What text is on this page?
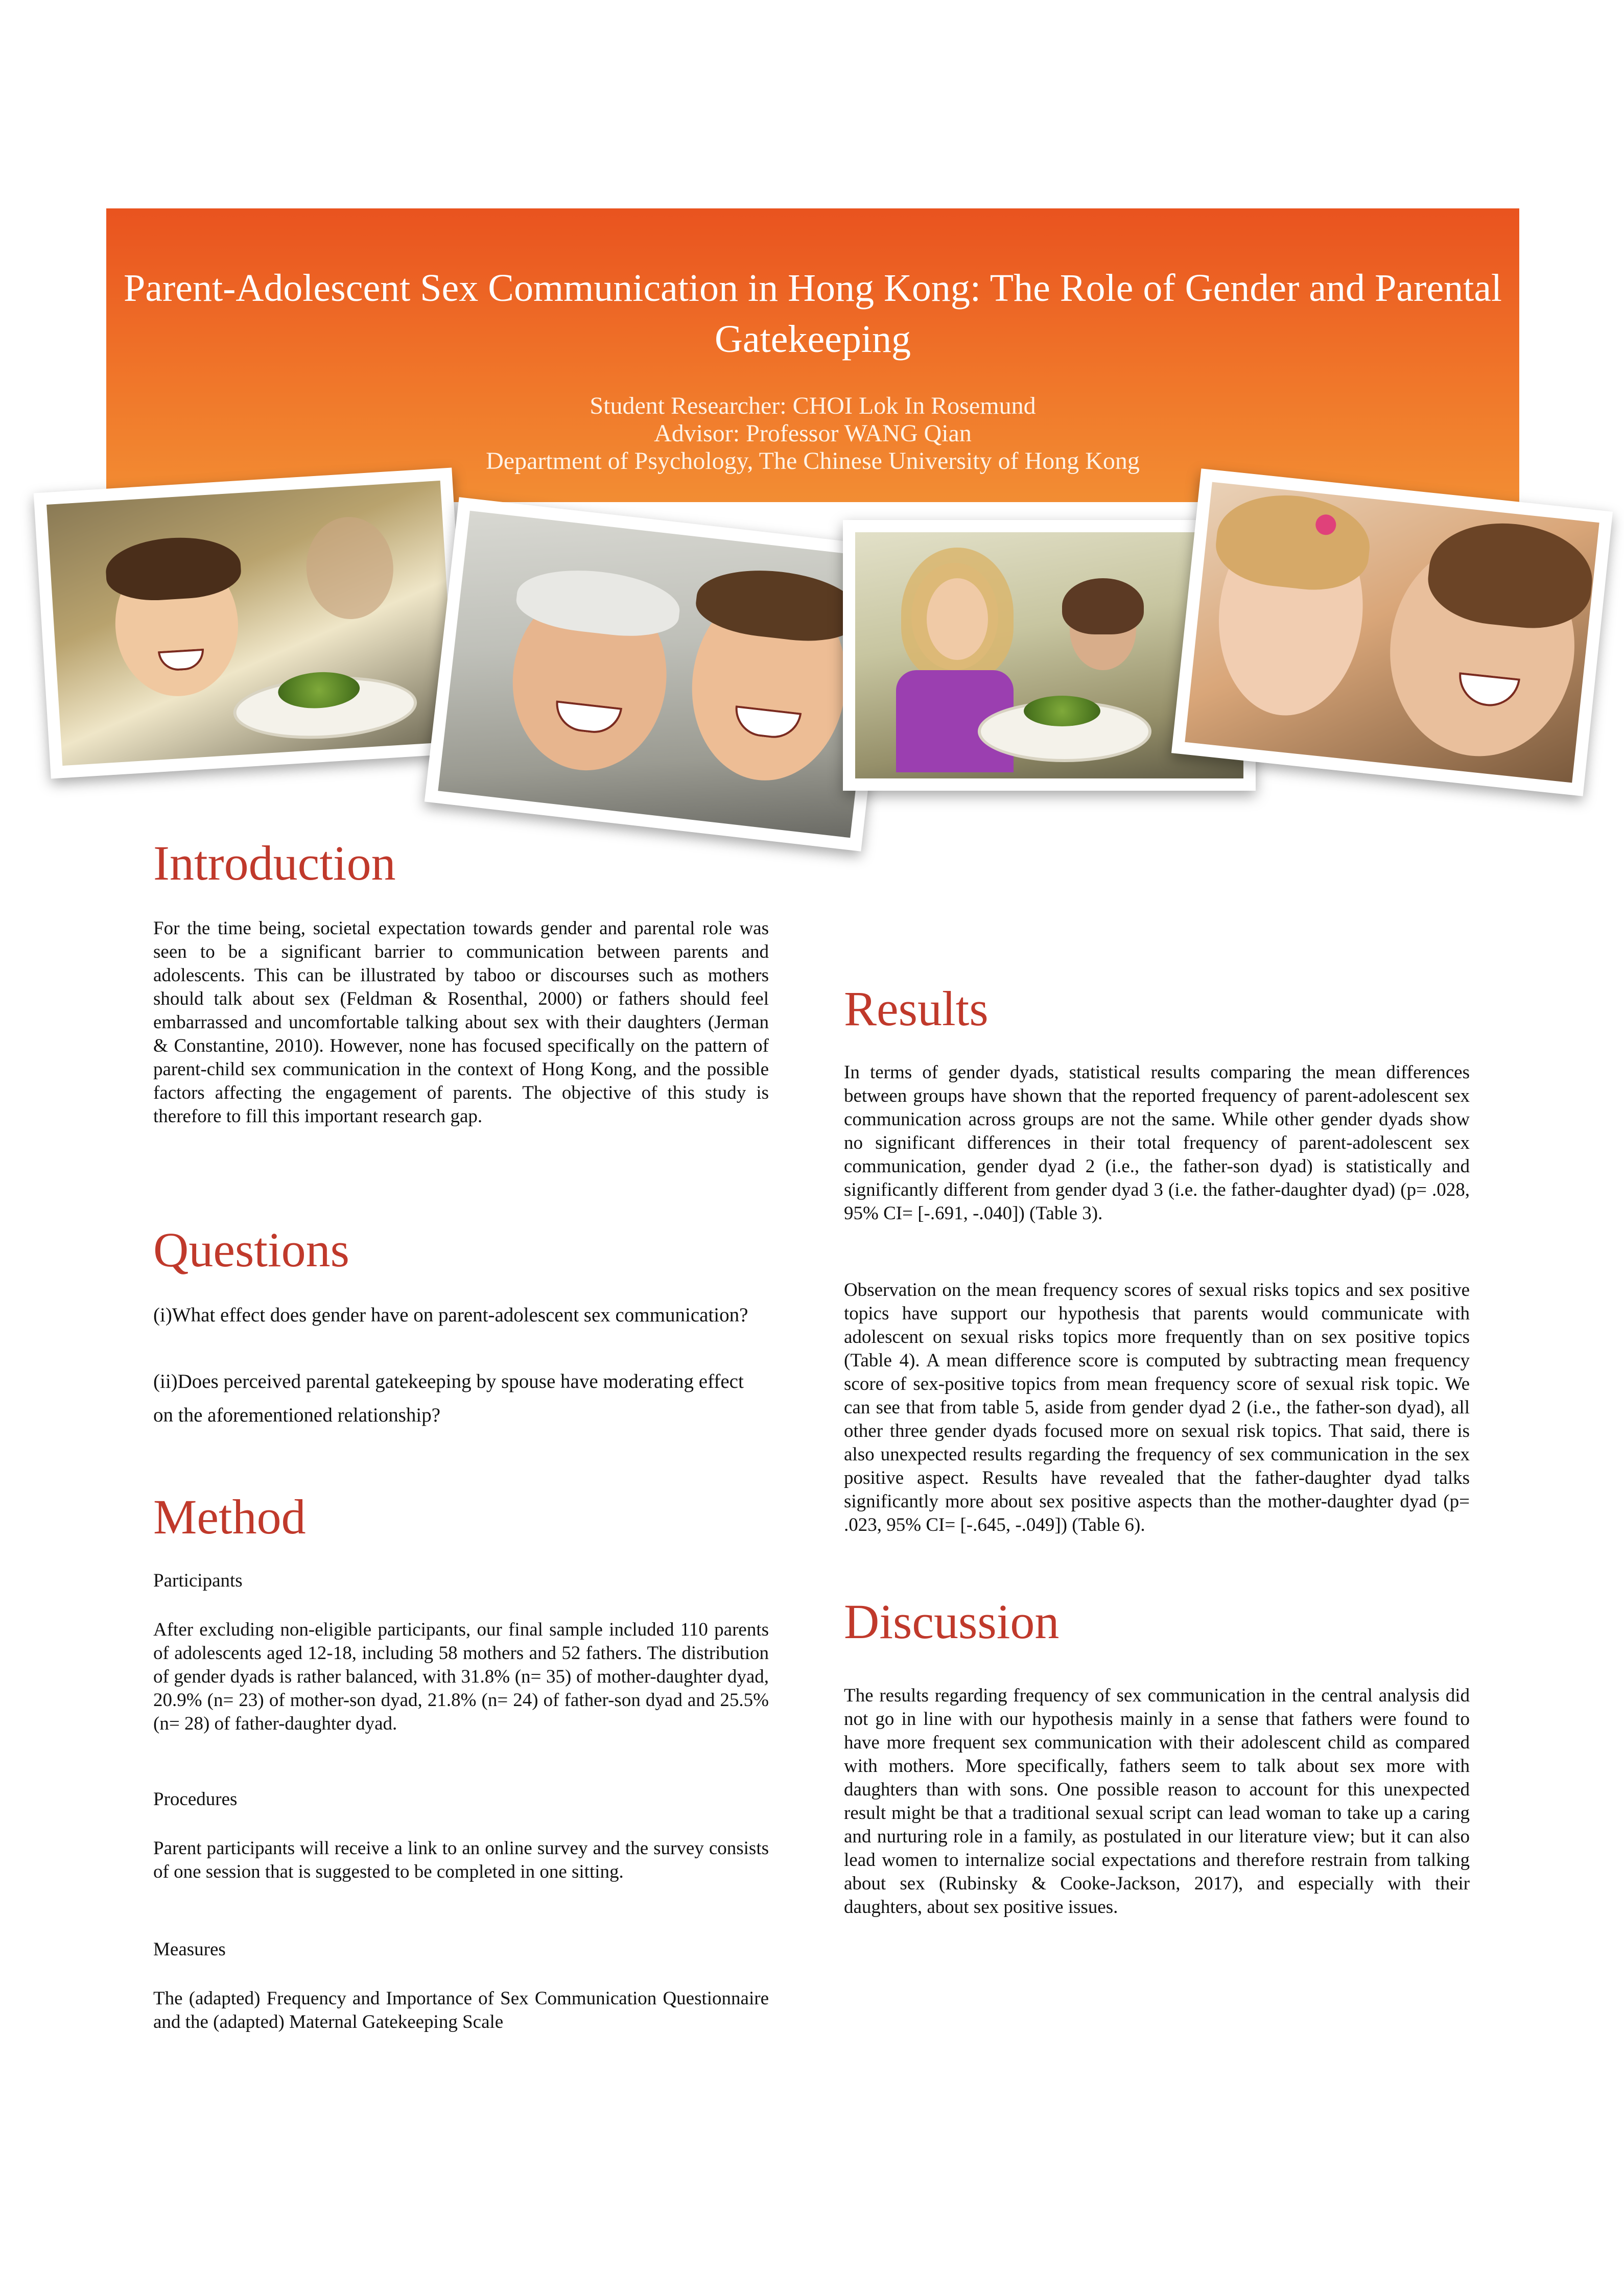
Parent-Adolescent Sex Communication in Hong Kong: The Role of Gender and Parental Gatekeeping
Student Researcher: CHOI Lok In Rosemund
Advisor: Professor WANG Qian
Department of Psychology, The Chinese University of Hong Kong
Introduction

For the time being, societal expectation towards gender and parental role was seen to be a significant barrier to communication between parents and adolescents. This can be illustrated by taboo or discourses such as mothers should talk about sex (Feldman & Rosenthal, 2000) or fathers should feel embarrassed and uncomfortable talking about sex with their daughters (Jerman & Constantine, 2010). However, none has focused specifically on the pattern of parent-child sex communication in the context of Hong Kong, and the possible factors affecting the engagement of parents. The objective of this study is therefore to fill this important research gap.

Questions

(i)What effect does gender have on parent-adolescent sex communication?

(ii)Does perceived parental gatekeeping by spouse have moderating effect on the aforementioned relationship?

Method

Participants

After excluding non-eligible participants, our final sample included 110 parents of adolescents aged 12-18, including 58 mothers and 52 fathers. The distribution of gender dyads is rather balanced, with 31.8% (n= 35) of mother-daughter dyad, 20.9% (n= 23) of mother-son dyad, 21.8% (n= 24) of father-son dyad and 25.5% (n= 28) of father-daughter dyad.

Procedures

Parent participants will receive a link to an online survey and the survey consists of one session that is suggested to be completed in one sitting.

Measures

The (adapted) Frequency and Importance of Sex Communication Questionnaire and the (adapted) Maternal Gatekeeping Scale

Results

In terms of gender dyads, statistical results comparing the mean differences between groups have shown that the reported frequency of parent-adolescent sex communication across groups are not the same. While other gender dyads show no significant differences in their total frequency of parent-adolescent sex communication, gender dyad 2 (i.e., the father-son dyad) is statistically and significantly different from gender dyad 3 (i.e. the father-daughter dyad) (p= .028, 95% CI= [-.691, -.040]) (Table 3).

Observation on the mean frequency scores of sexual risks topics and sex positive topics have support our hypothesis that parents would communicate with adolescent on sexual risks topics more frequently than on sex positive topics (Table 4). A mean difference score is computed by subtracting mean frequency score of sex-positive topics from mean frequency score of sexual risk topic. We can see that from table 5, aside from gender dyad 2 (i.e., the father-son dyad), all other three gender dyads focused more on sexual risk topics. That said, there is also unexpected results regarding the frequency of sex communication in the sex positive aspect. Results have revealed that the father-daughter dyad talks significantly more about sex positive aspects than the mother-daughter dyad (p= .023, 95% CI= [-.645, -.049]) (Table 6).

Discussion

The results regarding frequency of sex communication in the central analysis did not go in line with our hypothesis mainly in a sense that fathers were found to have more frequent sex communication with their adolescent child as compared with mothers. More specifically, fathers seem to talk about sex more with daughters than with sons. One possible reason to account for this unexpected result might be that a traditional sexual script can lead woman to take up a caring and nurturing role in a family, as postulated in our literature view; but it can also lead women to internalize social expectations and therefore restrain from talking about sex (Rubinsky & Cooke-Jackson, 2017), and especially with their daughters, about sex positive issues.
